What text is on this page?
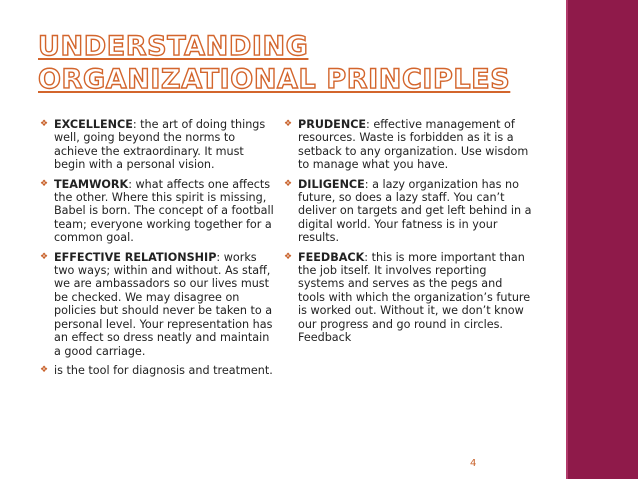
UNDERSTANDING ORGANIZATIONAL PRINCIPLES
❖ EXCELLENCE: the art of doing things well, going beyond the norms to achieve the extraordinary. It must begin with a personal vision.
❖ TEAMWORK: what affects one affects the other. Where this spirit is missing, Babel is born. The concept of a football team; everyone working together for a common goal.
❖ EFFECTIVE RELATIONSHIP: works two ways; within and without. As staff, we are ambassadors so our lives must be checked. We may disagree on policies but should never be taken to a personal level. Your representation has an effect so dress neatly and maintain a good carriage.
❖ is the tool for diagnosis and treatment.
❖ PRUDENCE: effective management of resources. Waste is forbidden as it is a setback to any organization. Use wisdom to manage what you have.
❖ DILIGENCE: a lazy organization has no future, so does a lazy staff. You can’t deliver on targets and get left behind in a digital world. Your fatness is in your results.
❖ FEEDBACK: this is more important than the job itself. It involves reporting systems and serves as the pegs and tools with which the organization’s future is worked out. Without it, we don’t know our progress and go round in circles. Feedback
4
